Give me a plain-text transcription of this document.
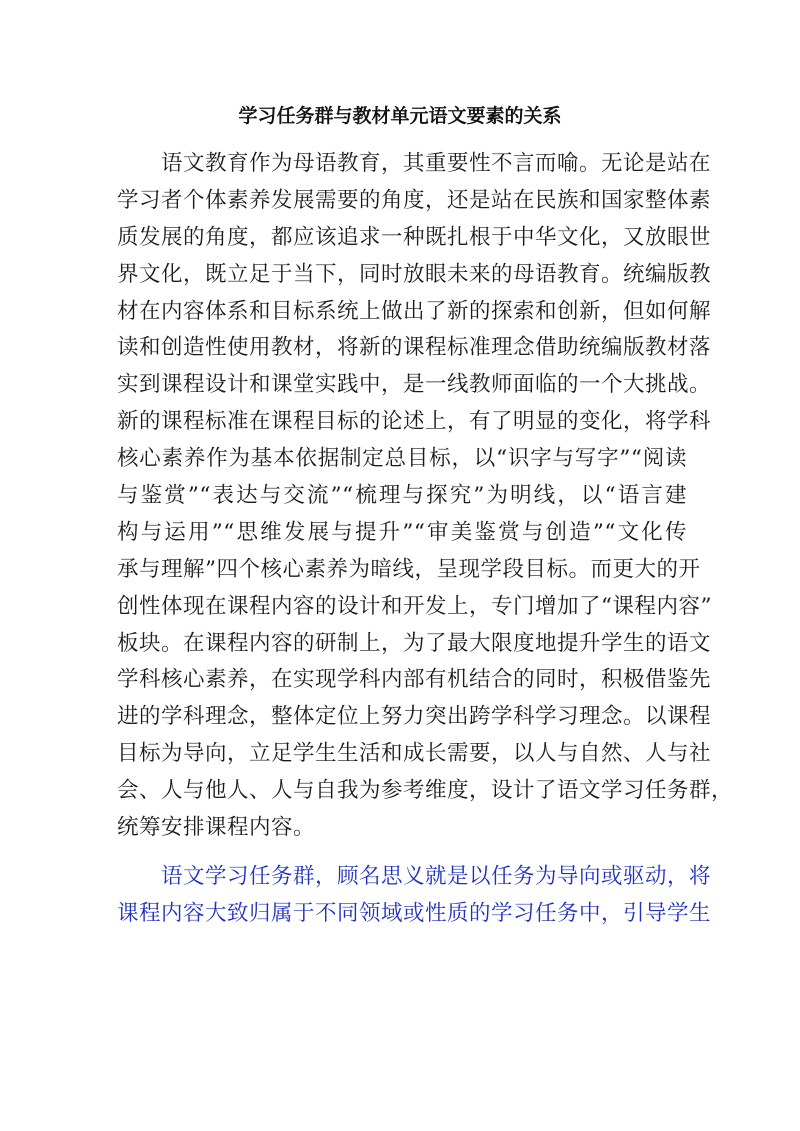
学习任务群与教材单元语文要素的关系
　　语文教育作为母语教育，其重要性不言而喻。无论是站在
学习者个体素养发展需要的角度，还是站在民族和国家整体素
质发展的角度，都应该追求一种既扎根于中华文化，又放眼世
界文化，既立足于当下，同时放眼未来的母语教育。统编版教
材在内容体系和目标系统上做出了新的探索和创新，但如何解
读和创造性使用教材，将新的课程标准理念借助统编版教材落
实到课程设计和课堂实践中，是一线教师面临的一个大挑战。
新的课程标准在课程目标的论述上，有了明显的变化，将学科
核心素养作为基本依据制定总目标，以“识字与写字”“阅读
与鉴赏”“表达与交流”“梳理与探究”为明线，以“语言建
构与运用”“思维发展与提升”“审美鉴赏与创造”“文化传
承与理解”四个核心素养为暗线，呈现学段目标。而更大的开
创性体现在课程内容的设计和开发上，专门增加了“课程内容”
板块。在课程内容的研制上，为了最大限度地提升学生的语文
学科核心素养，在实现学科内部有机结合的同时，积极借鉴先
进的学科理念，整体定位上努力突出跨学科学习理念。以课程
目标为导向，立足学生生活和成长需要，以人与自然、人与社
会、人与他人、人与自我为参考维度，设计了语文学习任务群，
统筹安排课程内容。
　　语文学习任务群，顾名思义就是以任务为导向或驱动，将
课程内容大致归属于不同领域或性质的学习任务中，引导学生
